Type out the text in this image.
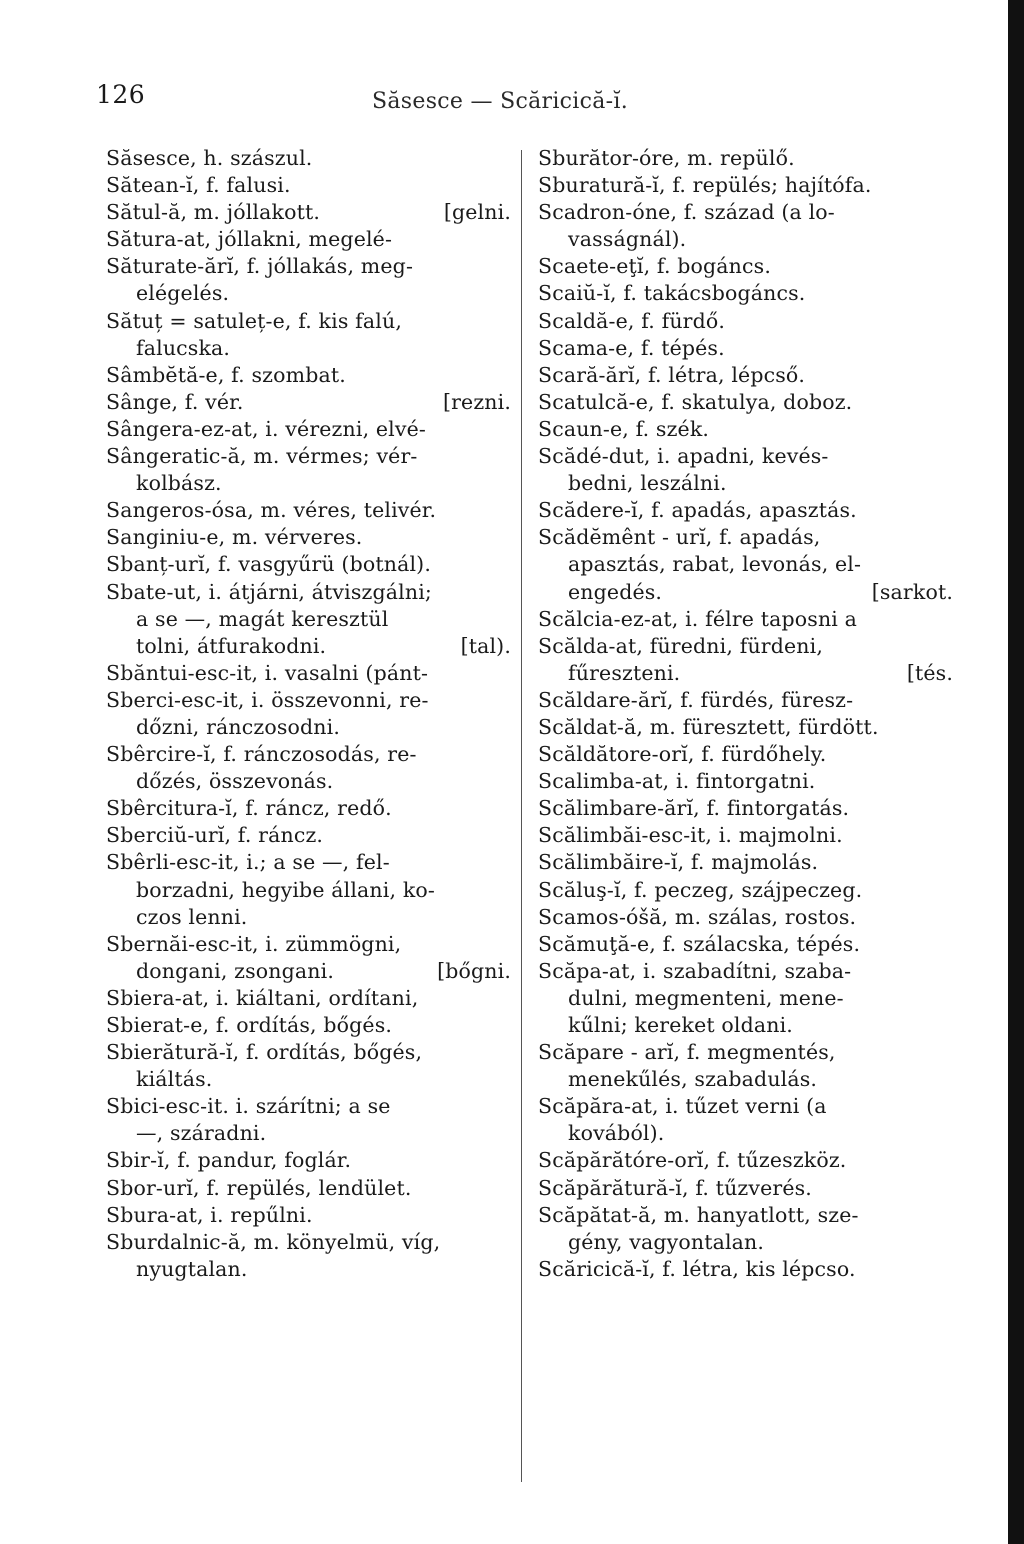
126	Săsesce — Scăricică-ĭ.
Săsesce, h. szászul.
Sătean-ĭ, f. falusi.
Sătul-ă, m. jóllakott.	[gelni.
Sătura-at, jóllakni, megelé-
Săturate-ărĭ, f. jóllakás, meg-
elégelés.
Sătuț = satuleț-e, f. kis falú,
falucska.
Sâmbĕtă-e, f. szombat.
Sânge, f. vér.	[rezni.
Sângera-ez-at, i. vérezni, elvé-
Sângeratic-ă, m. vérmes; vér-
kolbász.
Sangeros-ósa, m. véres, telivér.
Sanginiu-e, m. vérveres.
Sbanț-urĭ, f. vasgyűrü (botnál).
Sbate-ut, i. átjárni, átviszgálni;
a se —, magát keresztül
tolni, átfurakodni.	[tal).
Sbăntui-esc-it, i. vasalni (pánt-
Sberci-esc-it, i. összevonni, re-
dőzni, ránczosodni.
Sbêrcire-ĭ, f. ránczosodás, re-
dőzés, összevonás.
Sbêrcitura-ĭ, f. ráncz, redő.
Sberciŭ-urĭ, f. ráncz.
Sbêrli-esc-it, i.; a se —, fel-
borzadni, hegyibe állani, ko-
czos lenni.
Sbernăi-esc-it, i. zümmögni,
dongani, zsongani.	[bőgni.
Sbiera-at, i. kiáltani, ordítani,
Sbierat-e, f. ordítás, bőgés.
Sbierătură-ĭ, f. ordítás, bőgés,
kiáltás.
Sbici-esc-it. i. szárítni; a se
—, száradni.
Sbir-ĭ, f. pandur, foglár.
Sbor-urĭ, f. repülés, lendület.
Sbura-at, i. repűlni.
Sburdalnic-ă, m. könyelmü, víg,
nyugtalan.
Sburător-óre, m. repülő.
Sburatură-ĭ, f. repülés; hajítófa.
Scadron-óne, f. század (a lo-
vasságnál).
Scaete-eţĭ, f. bogáncs.
Scaiŭ-ĭ, f. takácsbogáncs.
Scaldă-e, f. fürdő.
Scama-e, f. tépés.
Scară-ărĭ, f. létra, lépcső.
Scatulcă-e, f. skatulya, doboz.
Scaun-e, f. szék.
Scădé-dut, i. apadni, kevés-
bedni, leszálni.
Scădere-ĭ, f. apadás, apasztás.
Scădĕmênt - urĭ, f. apadás,
apasztás, rabat, levonás, el-
engedés.	[sarkot.
Scălcia-ez-at, i. félre taposni a
Scălda-at, füredni, fürdeni,
fűreszteni.	[tés.
Scăldare-ărĭ, f. fürdés, füresz-
Scăldat-ă, m. füresztett, fürdött.
Scăldătore-orĭ, f. fürdőhely.
Scalimba-at, i. fintorgatni.
Scălimbare-ărĭ, f. fintorgatás.
Scălimbăi-esc-it, i. majmolni.
Scălimbăire-ĭ, f. majmolás.
Scăluş-ĭ, f. peczeg, szájpeczeg.
Scamos-óšă, m. szálas, rostos.
Scămuţă-e, f. szálacska, tépés.
Scăpa-at, i. szabadítni, szaba-
dulni, megmenteni, mene-
kűlni; kereket oldani.
Scăpare - arĭ, f. megmentés,
menekűlés, szabadulás.
Scăpăra-at, i. tűzet verni (a
kovából).
Scăpărătóre-orĭ, f. tűzeszköz.
Scăpărătură-ĭ, f. tűzverés.
Scăpătat-ă, m. hanyatlott, sze-
gény, vagyontalan.
Scăricică-ĭ, f. létra, kis lépcso.
